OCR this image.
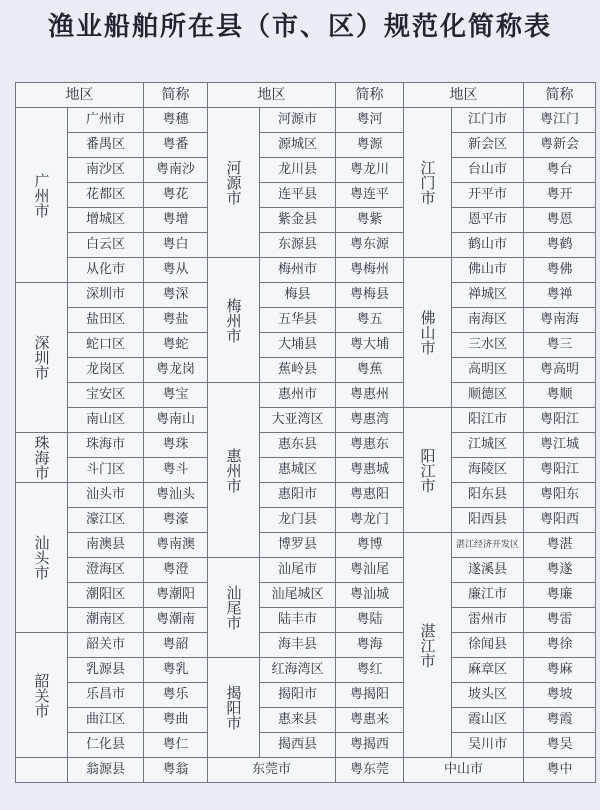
渔业船舶所在县（市、区）规范化简称表
地区		简称	地区		简称	地区		简称
广州市	广州市	粤穗	河源市	河源市	粤河	江门市	江门市	粤江门
	番禺区	粤番		源城区	粤源		新会区	粤新会
	南沙区	粤南沙		龙川县	粤龙川		台山市	粤台
	花都区	粤花		连平县	粤连平		开平市	粤开
	增城区	粤增		紫金县	粤紫		恩平市	粤恩
	白云区	粤白		东源县	粤东源		鹤山市	粤鹤
	从化市	粤从	梅州市	梅州市	粤梅州	佛山市	佛山市	粤佛
深圳市	深圳市	粤深		梅县	粤梅县		禅城区	粤禅
	盐田区	粤盐		五华县	粤五		南海区	粤南海
	蛇口区	粤蛇		大埔县	粤大埔		三水区	粤三
	龙岗区	粤龙岗		蕉岭县	粤蕉		高明区	粤高明
	宝安区	粤宝	惠州市	惠州市	粤惠州		顺德区	粤顺
	南山区	粤南山		大亚湾区	粤惠湾	阳江市	阳江市	粤阳江
珠海市	珠海市	粤珠		惠东县	粤惠东		江城区	粤江城
	斗门区	粤斗		惠城区	粤惠城		海陵区	粤阳江
汕头市	汕头市	粤汕头		惠阳市	粤惠阳		阳东县	粤阳东
	濠江区	粤濠		龙门县	粤龙门		阳西县	粤阳西
	南澳县	粤南澳		博罗县	粤博	湛江市	湛江经济开发区	粤湛
	澄海区	粤澄	汕尾市	汕尾市	粤汕尾		遂溪县	粤遂
	潮阳区	粤潮阳		汕尾城区	粤汕城		廉江市	粤廉
	潮南区	粤潮南		陆丰市	粤陆		雷州市	粤雷
韶关市	韶关市	粤韶		海丰县	粤海		徐闻县	粤徐
	乳源县	粤乳	揭阳市	红海湾区	粤红		麻章区	粤麻
	乐昌市	粤乐		揭阳市	粤揭阳		坡头区	粤坡
	曲江区	粤曲		惠来县	粤惠来		霞山区	粤霞
	仁化县	粤仁		揭西县	粤揭西		吴川市	粤吴
	翁源县	粤翁	东莞市		粤东莞	中山市		粤中
